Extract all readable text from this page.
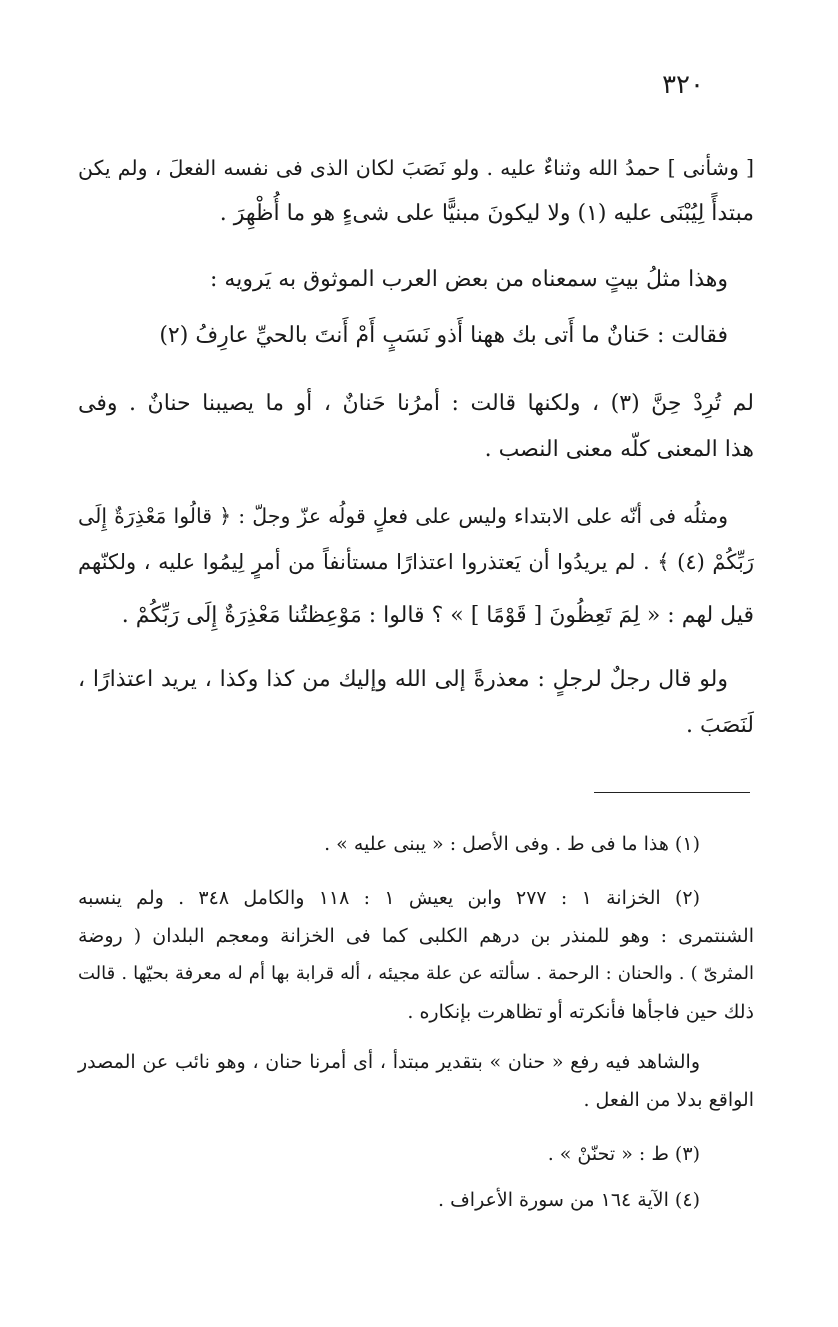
٣٢٠
[ وشأنى ] حمدُ الله وثناءٌ عليه . ولو نَصَبَ لكان الذى فى نفسه الفعلَ ، ولم يكن
مبتدأً لِيُبْنَى عليه (١) ولا ليكونَ مبنيًّا على شىءٍ هو ما أُظْهِرَ .
وهذا مثلُ بيتٍ سمعناه من بعض العرب الموثوق به يَرويه :
فقالت : حَنانٌ ما أَتى بك ههنا أَذو نَسَبٍ أَمْ أَنتَ بالحيِّ عارِفُ (٢)
لم تُرِدْ حِنَّ (٣) ، ولكنها قالت : أمرُنا حَنانٌ ، أو ما يصيبنا حنانٌ . وفى
هذا المعنى كلّه معنى النصب .
ومثلُه فى أنّه على الابتداء وليس على فعلٍ قولُه عزّ وجلّ : ﴿ قالُوا مَعْذِرَةٌ إِلَى
رَبِّكُمْ (٤) ﴾ . لم يريدُوا أن يَعتذروا اعتذارًا مستأنفاً من أمرٍ لِيمُوا عليه ، ولكنّهم
قيل لهم : « لِمَ تَعِظُونَ [ قَوْمًا ] » ؟ قالوا : مَوْعِظتُنا مَعْذِرَةٌ إِلَى رَبِّكُمْ .
ولو قال رجلٌ لرجلٍ : معذرةً إلى الله وإليك من كذا وكذا ، يريد اعتذارًا ،
لَنَصَبَ .
(١) هذا ما فى ط . وفى الأصل : « يبنى عليه » .
(٢) الخزانة ١ : ٢٧٧ وابن يعيش ١ : ١١٨ والكامل ٣٤٨ . ولم ينسبه
الشنتمرى : وهو للمنذر بن درهم الكلبى كما فى الخزانة ومعجم البلدان ( روضة
المثرىّ ) . والحنان : الرحمة . سألته عن علة مجيئه ، أله قرابة بها أم له معرفة بحيّها . قالت
ذلك حين فاجأها فأنكرته أو تظاهرت بإنكاره .
والشاهد فيه رفع « حنان » بتقدير مبتدأ ، أى أمرنا حنان ، وهو نائب عن المصدر
الواقع بدلا من الفعل .
(٣) ط : « تحنّنْ » .
(٤) الآية ١٦٤ من سورة الأعراف .
